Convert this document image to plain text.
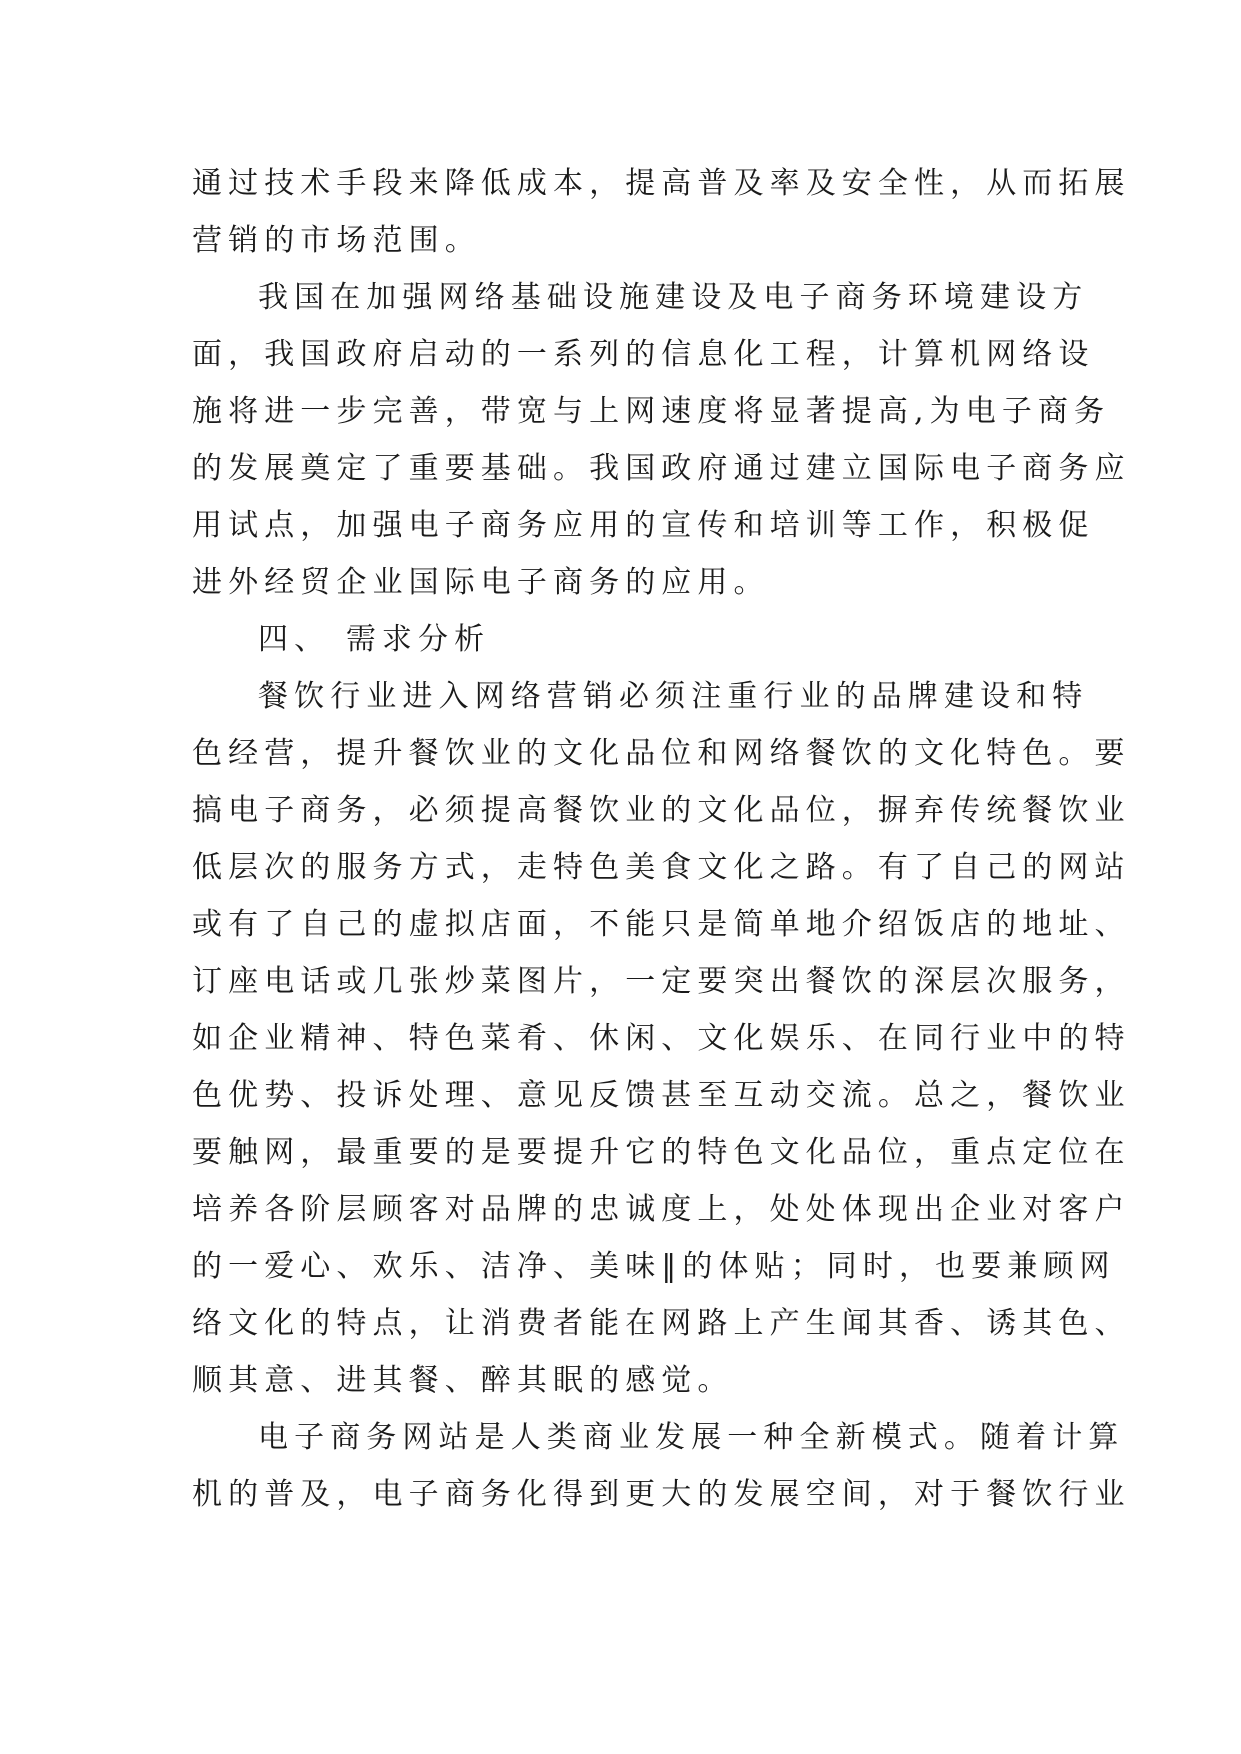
通过技术手段来降低成本，提高普及率及安全性，从而拓展
营销的市场范围。

我国在加强网络基础设施建设及电子商务环境建设方
面，我国政府启动的一系列的信息化工程，计算机网络设
施将进一步完善，带宽与上网速度将显著提高,为电子商务
的发展奠定了重要基础。我国政府通过建立国际电子商务应
用试点，加强电子商务应用的宣传和培训等工作，积极促
进外经贸企业国际电子商务的应用。

四、 需求分析

餐饮行业进入网络营销必须注重行业的品牌建设和特
色经营，提升餐饮业的文化品位和网络餐饮的文化特色。要
搞电子商务，必须提高餐饮业的文化品位，摒弃传统餐饮业
低层次的服务方式，走特色美食文化之路。有了自己的网站
或有了自己的虚拟店面，不能只是简单地介绍饭店的地址、
订座电话或几张炒菜图片，一定要突出餐饮的深层次服务，
如企业精神、特色菜肴、休闲、文化娱乐、在同行业中的特
色优势、投诉处理、意见反馈甚至互动交流。总之，餐饮业
要触网，最重要的是要提升它的特色文化品位，重点定位在
培养各阶层顾客对品牌的忠诚度上，处处体现出企业对客户
的一爱心、欢乐、洁净、美味‖的体贴；同时，也要兼顾网
络文化的特点，让消费者能在网路上产生闻其香、诱其色、
顺其意、进其餐、醉其眠的感觉。

电子商务网站是人类商业发展一种全新模式。随着计算
机的普及，电子商务化得到更大的发展空间，对于餐饮行业
